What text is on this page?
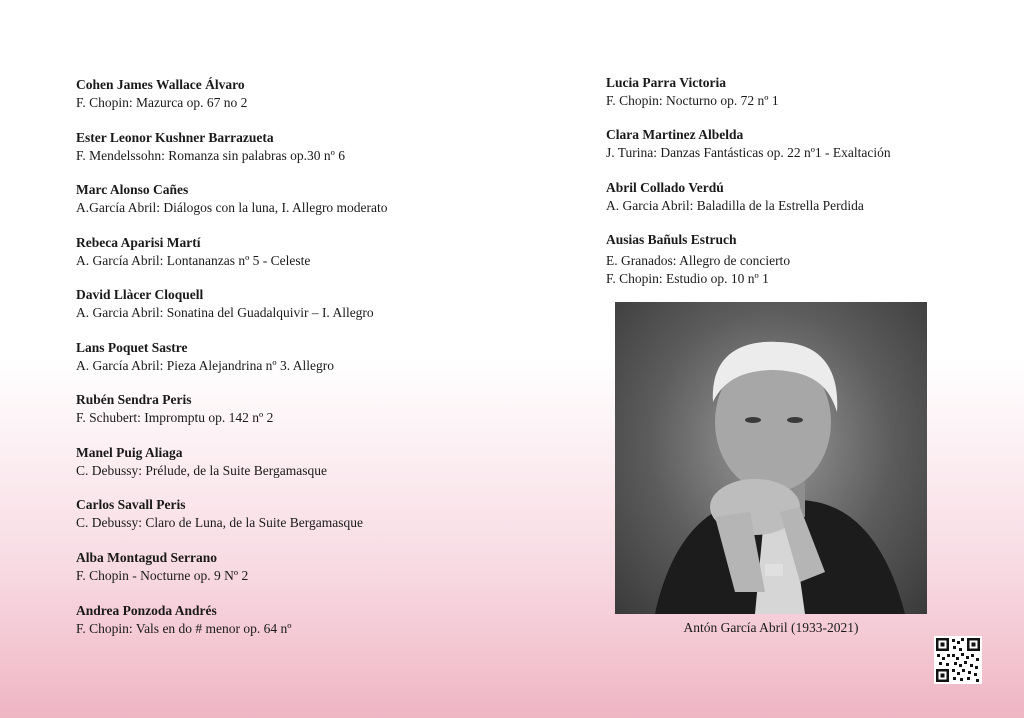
Cohen James Wallace Álvaro
F. Chopin: Mazurca op. 67 no 2
Ester Leonor Kushner Barrazueta
F. Mendelssohn: Romanza sin palabras op.30 nº 6
Marc Alonso Cañes
A.García Abril: Diálogos con la luna, I. Allegro moderato
Rebeca Aparisi Martí
A. García Abril: Lontananzas nº 5 - Celeste
David Llàcer Cloquell
A. Garcia Abril: Sonatina del Guadalquivir – I. Allegro
Lans Poquet Sastre
A. García Abril: Pieza Alejandrina nº 3. Allegro
Rubén Sendra Peris
F. Schubert: Impromptu op. 142 nº 2
Manel Puig Aliaga
C. Debussy: Prélude, de la Suite Bergamasque
Carlos Savall Peris
C. Debussy: Claro de Luna, de la Suite Bergamasque
Alba Montagud Serrano
F. Chopin - Nocturne op. 9 Nº 2
Andrea Ponzoda Andrés
F. Chopin: Vals en do # menor op. 64 nº
Lucia Parra Victoria
F. Chopin: Nocturno op. 72 nº 1
Clara Martinez Albelda
J. Turina: Danzas Fantásticas op. 22 nº1 - Exaltación
Abril Collado Verdú
A. Garcia Abril: Baladilla de la Estrella Perdida
Ausias Bañuls Estruch
E. Granados: Allegro de concierto
F. Chopin: Estudio op. 10 nº 1
Antón García Abril (1933-2021)
